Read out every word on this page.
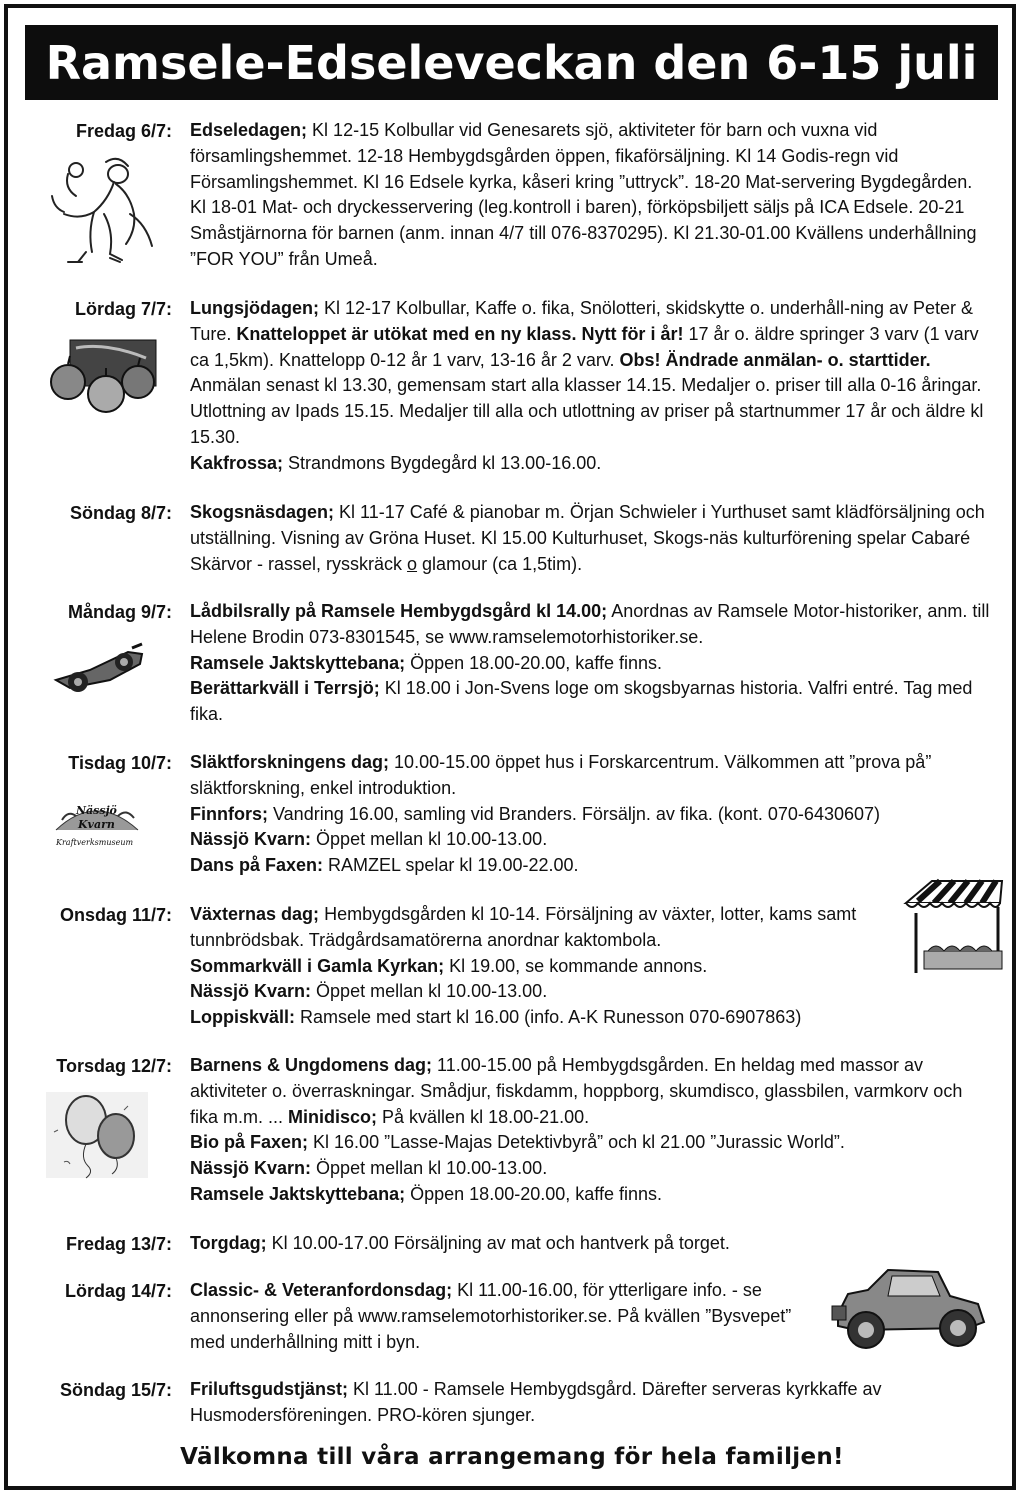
Ramsele-Edseleveckan den 6-15 juli
Fredag 6/7:
Lördag 7/7:
Söndag 8/7:
Måndag 9/7:
Tisdag 10/7:
Onsdag 11/7:
Torsdag 12/7:
Fredag 13/7:
Lördag 14/7:
Söndag 15/7:

Edseledagen; Kl 12-15 Kolbullar vid Genesarets sjö, aktiviteter för barn och vuxna vid församlingshemmet. 12-18 Hembygdsgården öppen, fikaförsäljning. Kl 14 Godis-regn vid Församlingshemmet. Kl 16 Edsele kyrka, kåseri kring ”uttryck”. 18-20 Mat-servering Bygdegården. Kl 18-01 Mat- och dryckesservering (leg.kontroll i baren), förköpsbiljett säljs på ICA Edsele. 20-21 Småstjärnorna för barnen (anm. innan 4/7 till 076-8370295). Kl 21.30-01.00 Kvällens underhållning ”FOR YOU” från Umeå.

Lungsjödagen; Kl 12-17 Kolbullar, Kaffe o. fika, Snölotteri, skidskytte o. underhåll-ning av Peter & Ture. Knatteloppet är utökat med en ny klass. Nytt för i år! 17 år o. äldre springer 3 varv (1 varv ca 1,5km). Knattelopp 0-12 år 1 varv, 13-16 år 2 varv. Obs! Ändrade anmälan- o. starttider. Anmälan senast kl 13.30, gemensam start alla klasser 14.15. Medaljer o. priser till alla 0-16 åringar. Utlottning av Ipads 15.15. Medaljer till alla och utlottning av priser på startnummer 17 år och äldre kl 15.30.

Kakfrossa; Strandmons Bygdegård kl 13.00-16.00.

Skogsnäsdagen; Kl 11-17 Café & pianobar m. Örjan Schwieler i Yurthuset samt klädförsäljning och utställning. Visning av Gröna Huset. Kl 15.00 Kulturhuset, Skogs-näs kulturförening spelar Cabaré Skärvor - rassel, rysskräck o glamour (ca 1,5tim).

Lådbilsrally på Ramsele Hembygdsgård kl 14.00; Anordnas av Ramsele Motor-historiker, anm. till Helene Brodin 073-8301545, se www.ramselemotorhistoriker.se.

Ramsele Jaktskyttebana; Öppen 18.00-20.00, kaffe finns.

Berättarkväll i Terrsjö; Kl 18.00 i Jon-Svens loge om skogsbyarnas historia. Valfri entré. Tag med fika.

Släktforskningens dag; 10.00-15.00 öppet hus i Forskarcentrum. Välkommen att ”prova på” släktforskning, enkel introduktion.

Finnfors; Vandring 16.00, samling vid Branders. Försäljn. av fika. (kont. 070-6430607)

Nässjö Kvarn: Öppet mellan kl 10.00-13.00.

Dans på Faxen: RAMZEL spelar kl 19.00-22.00.

Växternas dag; Hembygdsgården kl 10-14. Försäljning av växter, lotter, kams samt tunnbrödsbak. Trädgårdsamatörerna anordnar kaktombola.

Sommarkväll i Gamla Kyrkan; Kl 19.00, se kommande annons.

Nässjö Kvarn: Öppet mellan kl 10.00-13.00.

Loppiskväll: Ramsele med start kl 16.00 (info. A-K Runesson 070-6907863)

Barnens & Ungdomens dag; 11.00-15.00 på Hembygdsgården. En heldag med massor av aktiviteter o. överraskningar. Smådjur, fiskdamm, hoppborg, skumdisco, glassbilen, varmkorv och fika m.m. ... Minidisco; På kvällen kl 18.00-21.00.

Bio på Faxen; Kl 16.00 ”Lasse-Majas Detektivbyrå” och kl 21.00 ”Jurassic World”.

Nässjö Kvarn: Öppet mellan kl 10.00-13.00.

Ramsele Jaktskyttebana; Öppen 18.00-20.00, kaffe finns.

Torgdag; Kl 10.00-17.00 Försäljning av mat och hantverk på torget.

Classic- & Veteranfordonsdag; Kl 11.00-16.00, för ytterligare info. - se annonsering eller på www.ramselemotorhistoriker.se. På kvällen ”Bysvepet” med underhållning mitt i byn.

Friluftsgudstjänst; Kl 11.00 - Ramsele Hembygdsgård. Därefter serveras kyrkkaffe av Husmodersföreningen. PRO-kören sjunger.

Nässjö
Kvarn
Kraftverksmuseum
Välkomna till våra arrangemang för hela familjen!
